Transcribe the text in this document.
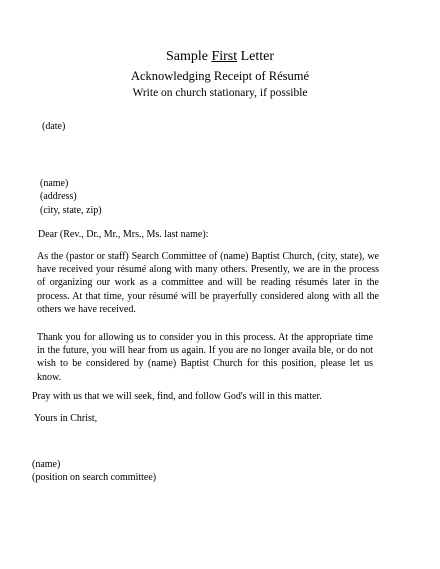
Sample First Letter
Acknowledging Receipt of Résumé
Write on church stationary, if possible
(date)
(name)
(address)
(city, state, zip)
Dear (Rev., Dr., Mr., Mrs., Ms. last name):
As the (pastor or staff) Search Committee of (name) Baptist Church, (city, state), we have received your résumé along with many others. Presently, we are in the process of organizing our work as a committee and will be reading résumés later in the process. At that time, your résumé will be prayerfully considered along with all the others we have received.
Thank you for allowing us to consider you in this process. At the appropriate time in the future, you will hear from us again. If you are no longer availa ble, or do not wish to be considered by (name) Baptist Church for this position, please let us know.
Pray with us that we will seek, find, and follow God's will in this matter.
Yours in Christ,
(name)
(position on search committee)
